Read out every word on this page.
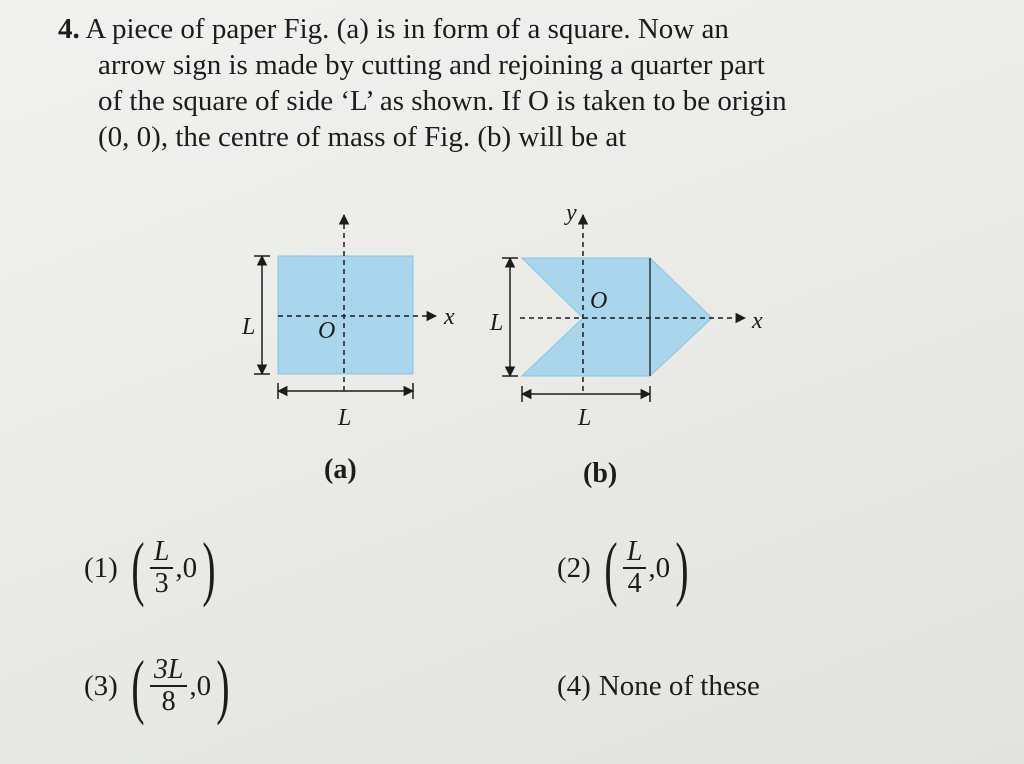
4. A piece of paper Fig. (a) is in form of a square. Now an
arrow sign is made by cutting and rejoining a quarter part
of the square of side ‘L’ as shown. If O is taken to be origin
(0, 0), the centre of mass of Fig. (b) will be at
L
L
O
x L
L
O
x
y
(a)	(b)
(1) ( $\frac{L}{3} ,0$ )	(2) ( $\frac{L}{4} ,0$ )
(3) ( $\frac{3L}{8} ,0$ )	(4) None of these
